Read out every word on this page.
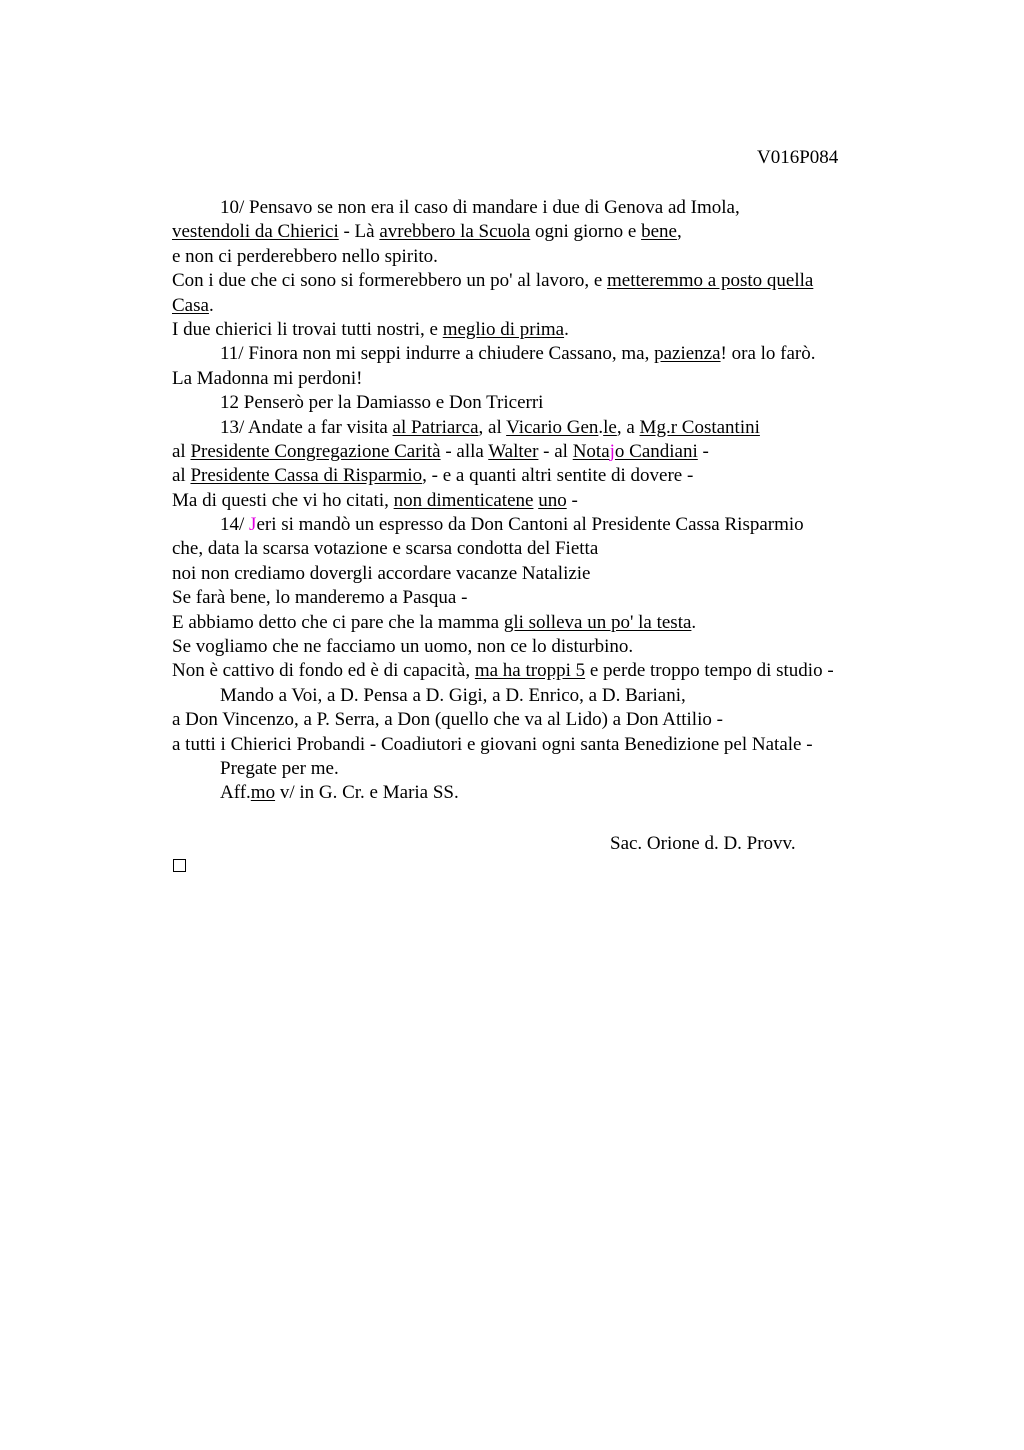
V016P084
10/ Pensavo se non era il caso di mandare i due di Genova ad Imola,
vestendoli da Chierici - Là avrebbero la Scuola ogni giorno e bene,
e non ci perderebbero nello spirito.
Con i due che ci sono si formerebbero un po' al lavoro, e metteremmo a posto quella
Casa.
I due chierici li trovai tutti nostri, e meglio di prima.
11/ Finora non mi seppi indurre a chiudere Cassano, ma, pazienza! ora lo farò.
La Madonna mi perdoni!
12 Penserò per la Damiasso e Don Tricerri
13/ Andate a far visita al Patriarca, al Vicario Gen.le, a Mg.r Costantini
al Presidente Congregazione Carità - alla Walter - al Notajo Candiani -
al Presidente Cassa di Risparmio, - e a quanti altri sentite di dovere -
Ma di questi che vi ho citati, non dimenticatene uno -
14/ Jeri si mandò un espresso da Don Cantoni al Presidente Cassa Risparmio
che, data la scarsa votazione e scarsa condotta del Fietta
noi non crediamo dovergli accordare vacanze Natalizie
Se farà bene, lo manderemo a Pasqua -
E abbiamo detto che ci pare che la mamma gli solleva un po' la testa.
Se vogliamo che ne facciamo un uomo, non ce lo disturbino.
Non è cattivo di fondo ed è di capacità, ma ha troppi 5 e perde troppo tempo di studio -
Mando a Voi, a D. Pensa a D. Gigi, a D. Enrico, a D. Bariani,
a Don Vincenzo, a P. Serra, a Don (quello che va al Lido) a Don Attilio -
a tutti i Chierici Probandi - Coadiutori e giovani ogni santa Benedizione pel Natale -
Pregate per me.
Aff.mo v/ in G. Cr. e Maria SS.
Sac. Orione d. D. Provv.
